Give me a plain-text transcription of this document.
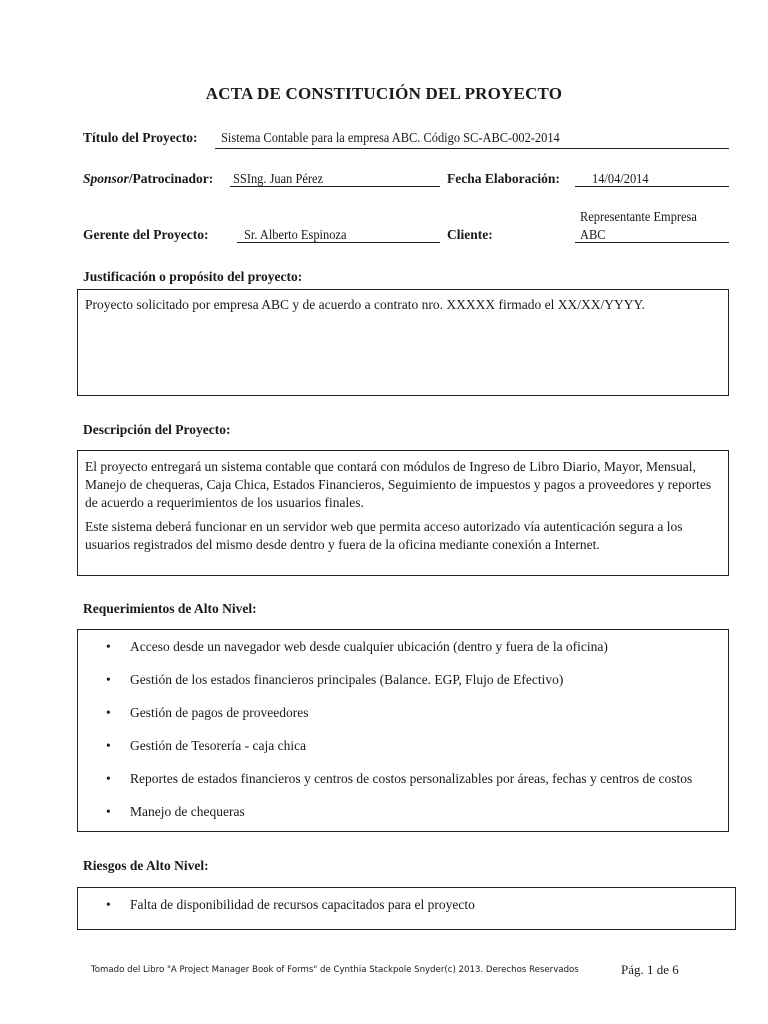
ACTA DE CONSTITUCIÓN DEL PROYECTO
Título del Proyecto: Sistema Contable para la empresa ABC. Código SC-ABC-002-2014
Sponsor/Patrocinador: SSIng. Juan Pérez	Fecha Elaboración: 14/04/2014
Gerente del Proyecto:	Sr. Alberto Espinoza	Cliente:
Representante Empresa
ABC
Justificación o propósito del proyecto:

Proyecto solicitado por empresa ABC y de acuerdo a contrato nro. XXXXX firmado el XX/XX/YYYY.

Descripción del Proyecto:

El proyecto entregará un sistema contable que contará con módulos de Ingreso de Libro Diario, Mayor, Mensual, Manejo de chequeras, Caja Chica, Estados Financieros, Seguimiento de impuestos y pagos a proveedores y reportes de acuerdo a requerimientos de los usuarios finales.

Este sistema deberá funcionar en un servidor web que permita acceso autorizado vía autenticación segura a los usuarios registrados del mismo desde dentro y fuera de la oficina mediante conexión a Internet.

Requerimientos de Alto Nivel:
• Acceso desde un navegador web desde cualquier ubicación (dentro y fuera de la oficina)
• Gestión de los estados financieros principales (Balance. EGP, Flujo de Efectivo)
• Gestión de pagos de proveedores
• Gestión de Tesorería - caja chica
• Reportes de estados financieros y centros de costos personalizables por áreas, fechas y centros de costos
• Manejo de chequeras
Riesgos de Alto Nivel:
• Falta de disponibilidad de recursos capacitados para el proyecto
Tomado del Libro "A Project Manager Book of Forms" de Cynthia Stackpole Snyder(c) 2013. Derechos Reservados	Pág. 1 de 6
